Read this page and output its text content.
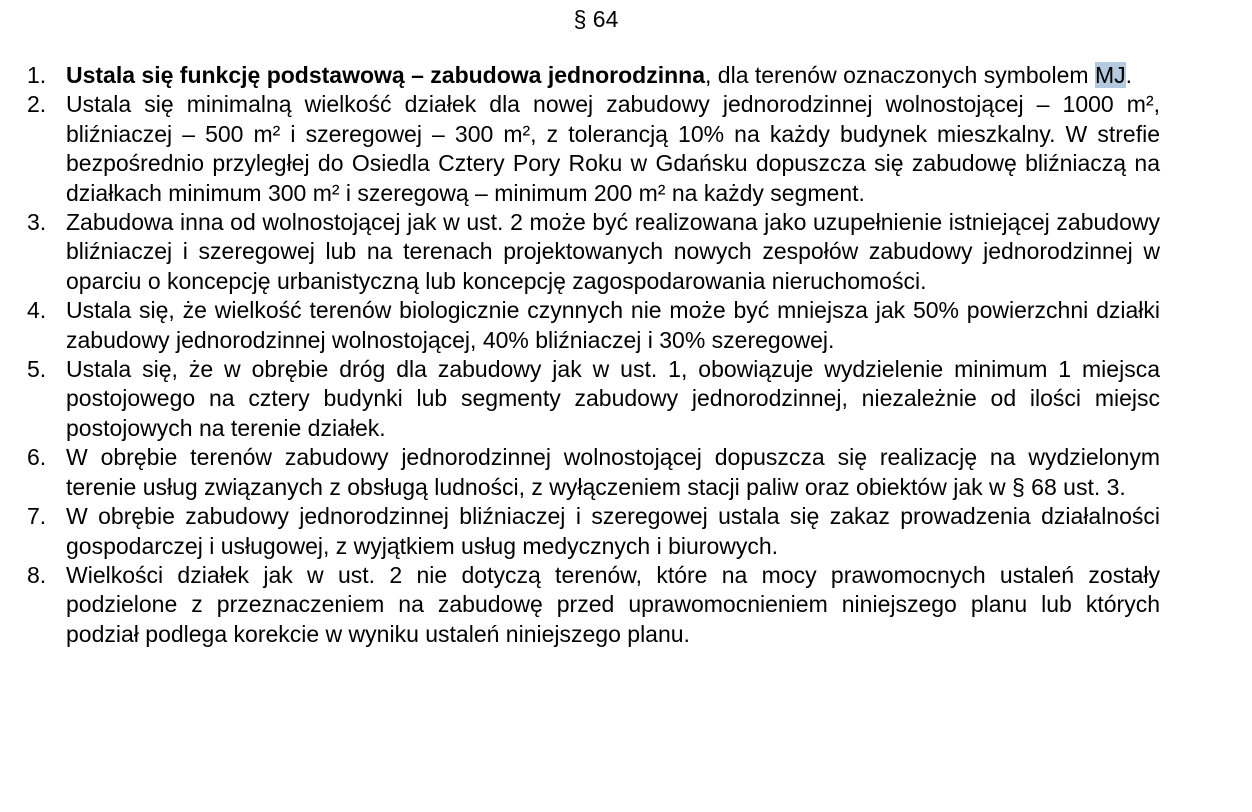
§ 64
1. Ustala się funkcję podstawową – zabudowa jednorodzinna, dla terenów oznaczonych symbolem MJ.
2. Ustala się minimalną wielkość działek dla nowej zabudowy jednorodzinnej wolnostojącej – 1000 m², bliźniaczej – 500 m² i szeregowej – 300 m², z tolerancją 10% na każdy budynek mieszkalny. W strefie bezpośrednio przyległej do Osiedla Cztery Pory Roku w Gdańsku dopuszcza się zabudowę bliźniaczą na działkach minimum 300 m² i szeregową – minimum 200 m² na każdy segment.
3. Zabudowa inna od wolnostojącej jak w ust. 2 może być realizowana jako uzupełnienie istniejącej zabudowy bliźniaczej i szeregowej lub na terenach projektowanych nowych zespołów zabudowy jednorodzinnej w oparciu o koncepcję urbanistyczną lub koncepcję zagospodarowania nieruchomości.
4. Ustala się, że wielkość terenów biologicznie czynnych nie może być mniejsza jak 50% powierzchni działki zabudowy jednorodzinnej wolnostojącej, 40% bliźniaczej i 30% szeregowej.
5. Ustala się, że w obrębie dróg dla zabudowy jak w ust. 1, obowiązuje wydzielenie minimum 1 miejsca postojowego na cztery budynki lub segmenty zabudowy jednorodzinnej, niezależnie od ilości miejsc postojowych na terenie działek.
6. W obrębie terenów zabudowy jednorodzinnej wolnostojącej dopuszcza się realizację na wydzielonym terenie usług związanych z obsługą ludności, z wyłączeniem stacji paliw oraz obiektów jak w § 68 ust. 3.
7. W obrębie zabudowy jednorodzinnej bliźniaczej i szeregowej ustala się zakaz prowadzenia działalności gospodarczej i usługowej, z wyjątkiem usług medycznych i biurowych.
8. Wielkości działek jak w ust. 2 nie dotyczą terenów, które na mocy prawomocnych ustaleń zostały podzielone z przeznaczeniem na zabudowę przed uprawomocnieniem niniejszego planu lub których podział podlega korekcie w wyniku ustaleń niniejszego planu.
